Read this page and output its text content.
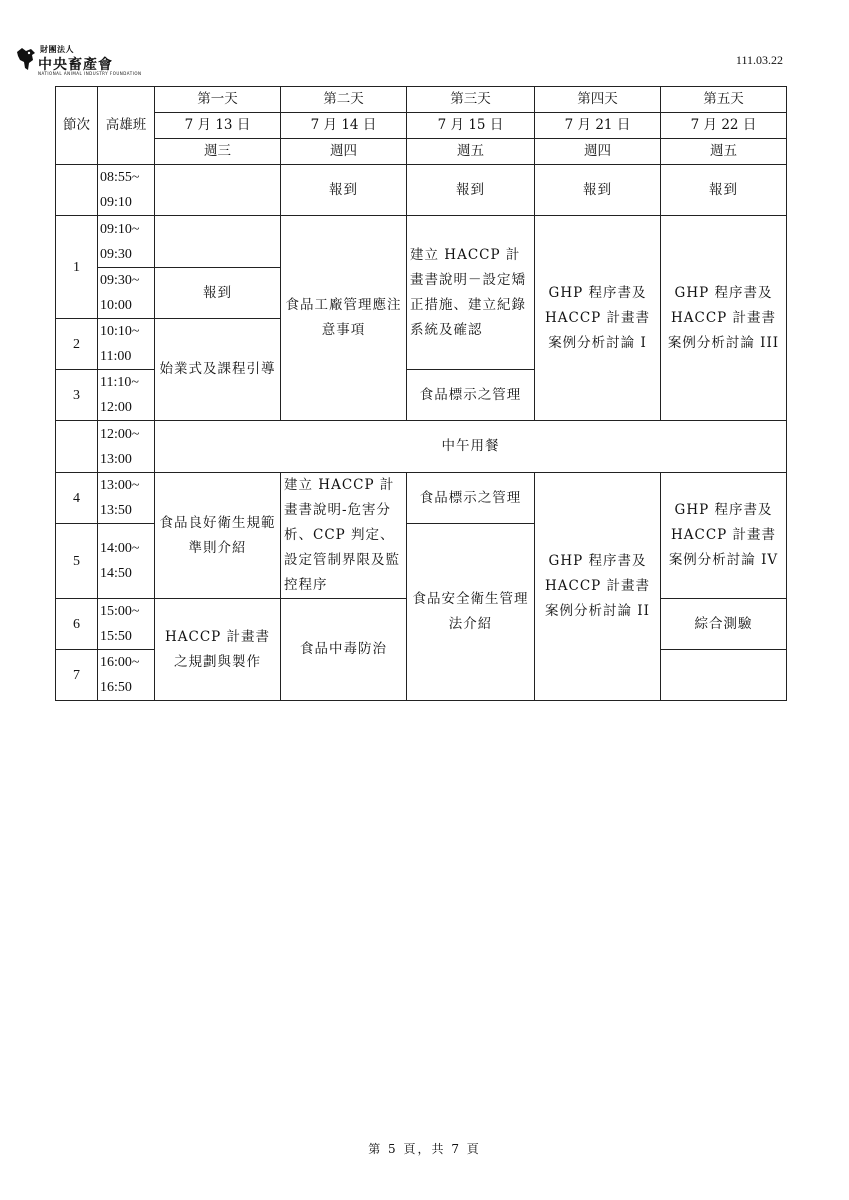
財團法人
中央畜產會
NATIONAL ANIMAL INDUSTRY FOUNDATION
111.03.22
節次	高雄班	第一天	第二天	第三天	第四天	第五天
		7 月 13 日	7 月 14 日	7 月 15 日	7 月 21 日	7 月 22 日
		週三	週四	週五	週四	週五
	08:55~ 09:10		報到	報到	報到	報到
1	09:10~ 09:30		食品工廠管理應注意事項	建立 HACCP 計畫書說明－設定矯正措施、建立紀錄系統及確認	GHP 程序書及 HACCP 計畫書案例分析討論 I	GHP 程序書及 HACCP 計畫書案例分析討論 III
	09:30~ 10:00	報到				
2	10:10~ 11:00	始業式及課程引導				
3	11:10~ 12:00			食品標示之管理		
	12:00~ 13:00	中午用餐				
4	13:00~ 13:50	食品良好衛生規範準則介紹	建立 HACCP 計畫書說明-危害分析、CCP 判定、設定管制界限及監控程序	食品標示之管理	GHP 程序書及 HACCP 計畫書案例分析討論 II	GHP 程序書及 HACCP 計畫書案例分析討論 IV
5	14:00~ 14:50			食品安全衛生管理法介紹		
6	15:00~ 15:50	HACCP 計畫書之規劃與製作	食品中毒防治			綜合測驗
7	16:00~ 16:50					
第 5 頁，共 7 頁
